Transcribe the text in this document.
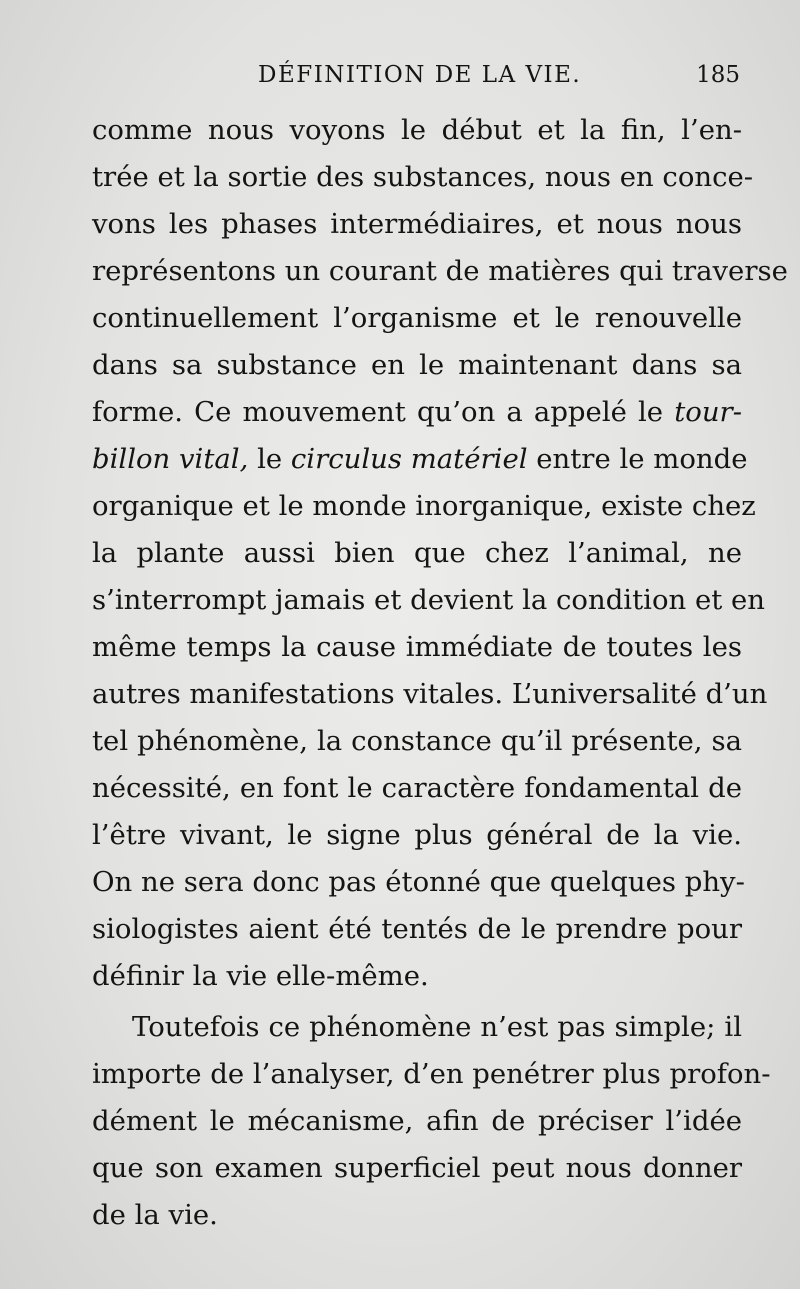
DÉFINITION DE LA VIE.	185
comme nous voyons le début et la fin, l’en-
trée et la sortie des substances, nous en conce-
vons les phases intermédiaires, et nous nous
représentons un courant de matières qui traverse
continuellement l’organisme et le renouvelle
dans sa substance en le maintenant dans sa
forme. Ce mouvement qu’on a appelé le tour-
billon vital, le circulus matériel entre le monde
organique et le monde inorganique, existe chez
la plante aussi bien que chez l’animal, ne
s’interrompt jamais et devient la condition et en
même temps la cause immédiate de toutes les
autres manifestations vitales. L’universalité d’un
tel phénomène, la constance qu’il présente, sa
nécessité, en font le caractère fondamental de
l’être vivant, le signe plus général de la vie.
On ne sera donc pas étonné que quelques phy-
siologistes aient été tentés de le prendre pour
définir la vie elle-même.
Toutefois ce phénomène n’est pas simple; il
importe de l’analyser, d’en penétrer plus profon-
dément le mécanisme, afin de préciser l’idée
que son examen superficiel peut nous donner
de la vie.
